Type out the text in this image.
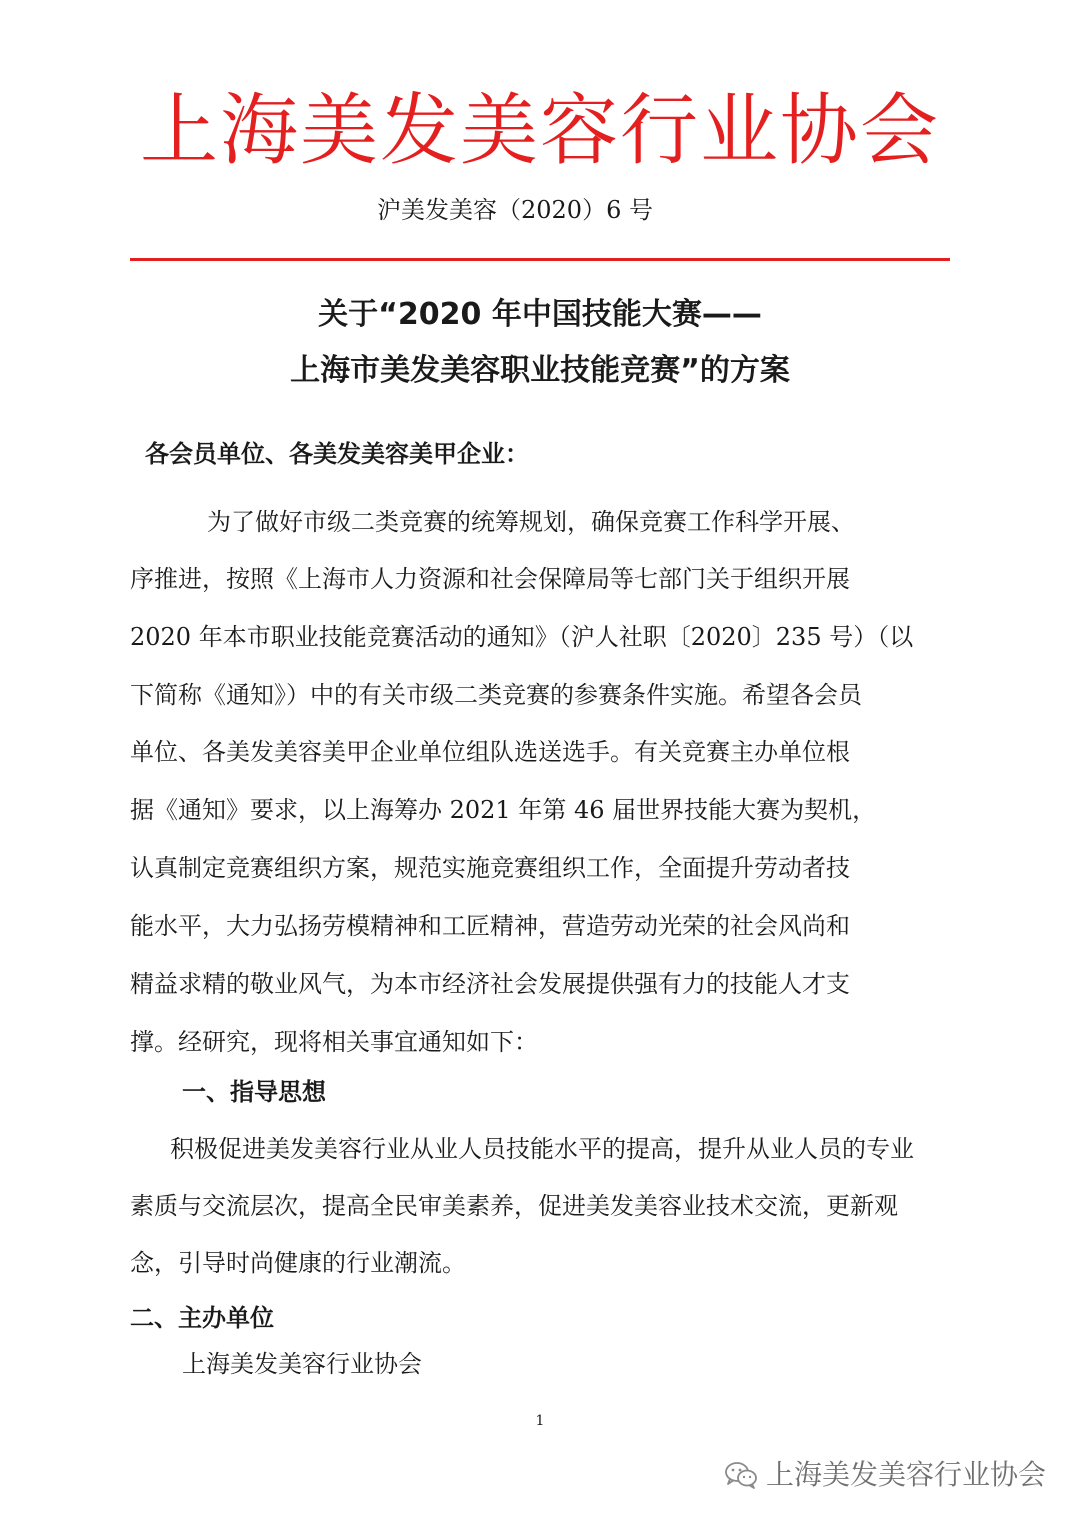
上海美发美容行业协会
沪美发美容（2020）6 号
关于“2020 年中国技能大赛——
上海市美发美容职业技能竞赛”的方案
各会员单位、各美发美容美甲企业：
为了做好市级二类竞赛的统筹规划，确保竞赛工作科学开展、
序推进，按照《上海市人力资源和社会保障局等七部门关于组织开展
2020 年本市职业技能竞赛活动的通知》（沪人社职〔2020〕235 号）（以
下简称《通知》）中的有关市级二类竞赛的参赛条件实施。希望各会员
单位、各美发美容美甲企业单位组队选送选手。有关竞赛主办单位根
据《通知》要求，以上海筹办 2021 年第 46 届世界技能大赛为契机，
认真制定竞赛组织方案，规范实施竞赛组织工作，全面提升劳动者技
能水平，大力弘扬劳模精神和工匠精神，营造劳动光荣的社会风尚和
精益求精的敬业风气，为本市经济社会发展提供强有力的技能人才支
撑。经研究，现将相关事宜通知如下：
一、指导思想
积极促进美发美容行业从业人员技能水平的提高，提升从业人员的专业
素质与交流层次，提高全民审美素养，促进美发美容业技术交流，更新观
念，引导时尚健康的行业潮流。
二、主办单位
上海美发美容行业协会
1
上海美发美容行业协会
